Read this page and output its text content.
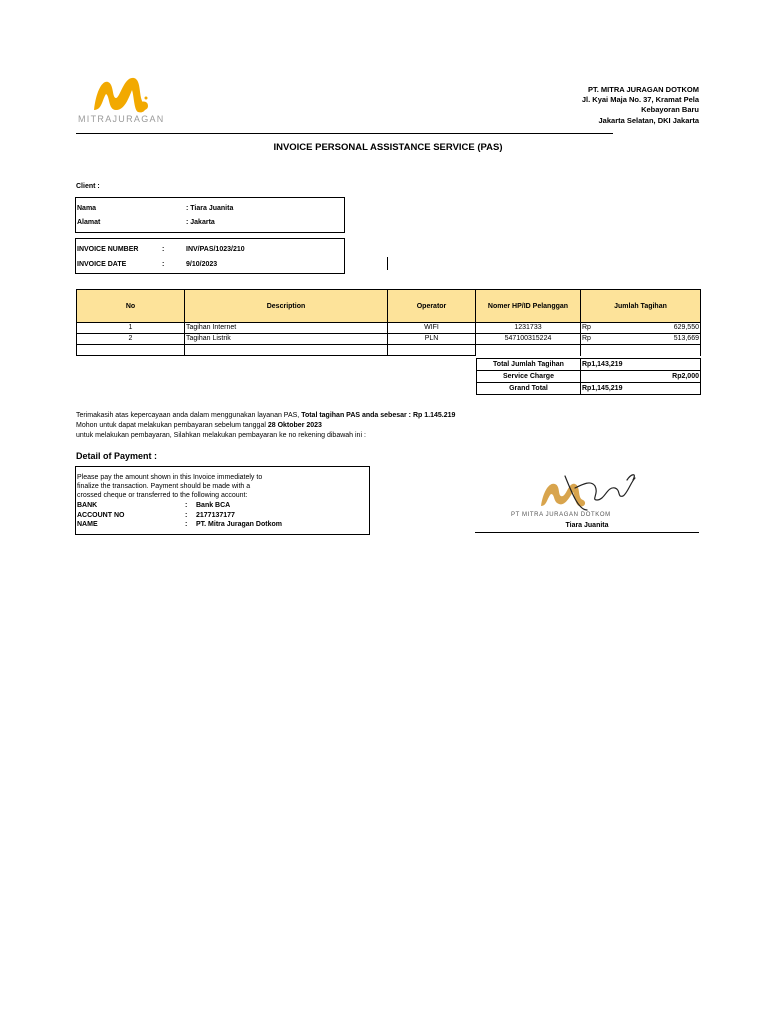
MITRAJURAGAN
PT. MITRA JURAGAN DOTKOM
Jl. Kyai Maja No. 37, Kramat Pela
Kebayoran Baru
Jakarta Selatan, DKI Jakarta
INVOICE PERSONAL ASSISTANCE SERVICE (PAS)
Client :
Nama	: Tiara Juanita
Alamat	: Jakarta
INVOICE NUMBER	:	INV/PAS/1023/210
INVOICE DATE	:	9/10/2023
No	Description	Operator	Nomer HP/ID Pelanggan	Jumlah Tagihan
1	Tagihan Internet	WIFI	1231733	Rp 629,550

2	Tagihan Listrik	PLN	547100315224	Rp 513,669

Total Jumlah Tagihan	Rp1,143,219
Service Charge	Rp2,000
Grand Total	Rp1,145,219
Terimakasih atas kepercayaan anda dalam menggunakan layanan PAS, Total tagihan PAS anda sebesar : Rp 1.145.219
Mohon untuk dapat melakukan pembayaran sebelum tanggal 28 Oktober 2023
untuk melakukan pembayaran, Silahkan melakukan pembayaran ke no rekening dibawah ini :
Detail of Payment :
Please pay the amount shown in this Invoice immediately to
finalize the transaction. Payment should be made with a
crossed cheque or transferred to the following account:
BANK	: Bank BCA
ACCOUNT NO	: 2177137177
NAME	: PT. Mitra Juragan Dotkom
PT MITRA JURAGAN DOTKOM
Tiara Juanita
